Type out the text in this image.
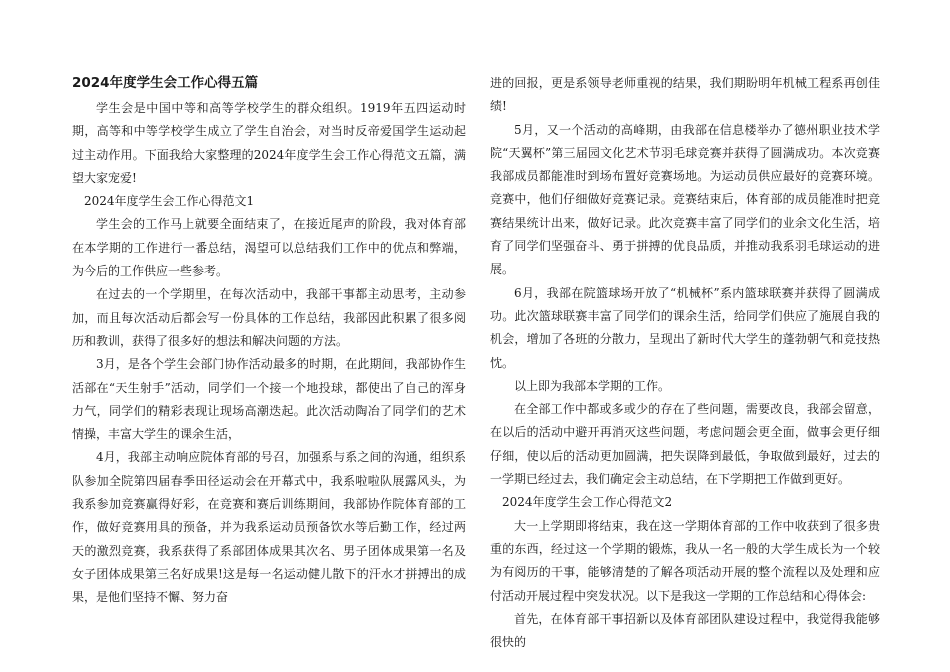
2024年度学生会工作心得五篇

学生会是中国中等和高等学校学生的群众组织。1919年五四运动时期，高等和中等学校学生成立了学生自治会，对当时反帝爱国学生运动起过主动作用。下面我给大家整理的2024年度学生会工作心得范文五篇，满望大家宠爱!

2024年度学生会工作心得范文1

学生会的工作马上就要全面结束了，在接近尾声的阶段，我对体育部在本学期的工作进行一番总结，渴望可以总结我们工作中的优点和弊端，为今后的工作供应一些参考。

在过去的一个学期里，在每次活动中，我部干事都主动思考，主动参加，而且每次活动后都会写一份具体的工作总结，我部因此积累了很多阅历和教训，获得了很多好的想法和解决问题的方法。

3月，是各个学生会部门协作活动最多的时期，在此期间，我部协作生活部在“天生射手”活动，同学们一个接一个地投球，都使出了自己的浑身力气，同学们的精彩表现让现场高潮迭起。此次活动陶冶了同学们的艺术情操，丰富大学生的课余生活，

4月，我部主动响应院体育部的号召，加强系与系之间的沟通，组织系队参加全院第四届春季田径运动会在开幕式中，我系啦啦队展露风头，为我系参加竞赛赢得好彩，在竞赛和赛后训练期间，我部协作院体育部的工作，做好竞赛用具的预备，并为我系运动员预备饮水等后勤工作，经过两天的激烈竞赛，我系获得了系部团体成果其次名、男子团体成果第一名及女子团体成果第三名好成果!这是每一名运动健儿散下的汗水才拼搏出的成果，是他们坚持不懈、努力奋

进的回报，更是系领导老师重视的结果，我们期盼明年机械工程系再创佳绩!

5月，又一个活动的高峰期，由我部在信息楼举办了德州职业技术学院“天翼杯”第三届园文化艺术节羽毛球竞赛并获得了圆满成功。本次竞赛我部成员都能准时到场布置好竞赛场地。为运动员供应最好的竞赛环境。竞赛中，他们仔细做好竞赛记录。竞赛结束后，体育部的成员能准时把竞赛结果统计出来，做好记录。此次竞赛丰富了同学们的业余文化生活，培育了同学们坚强奋斗、勇于拼搏的优良品质，并推动我系羽毛球运动的进展。

6月，我部在院篮球场开放了“机械杯”系内篮球联赛并获得了圆满成功。此次篮球联赛丰富了同学们的课余生活，给同学们供应了施展自我的机会，增加了各班的分散力，呈现出了新时代大学生的蓬勃朝气和竞技热忱。

以上即为我部本学期的工作。

在全部工作中都或多或少的存在了些问题，需要改良，我部会留意，在以后的活动中避开再消灭这些问题，考虑问题会更全面，做事会更仔细仔细，使以后的活动更加圆满，把失误降到最低，争取做到最好，过去的一学期已经过去，我们确定会主动总结，在下学期把工作做到更好。

2024年度学生会工作心得范文2

大一上学期即将结束，我在这一学期体育部的工作中收获到了很多贵重的东西，经过这一个学期的锻炼，我从一名一般的大学生成长为一个较为有阅历的干事，能够清楚的了解各项活动开展的整个流程以及处理和应付活动开展过程中突发状况。以下是我这一学期的工作总结和心得体会:

首先，在体育部干事招新以及体育部团队建设过程中，我觉得我能够很快的
